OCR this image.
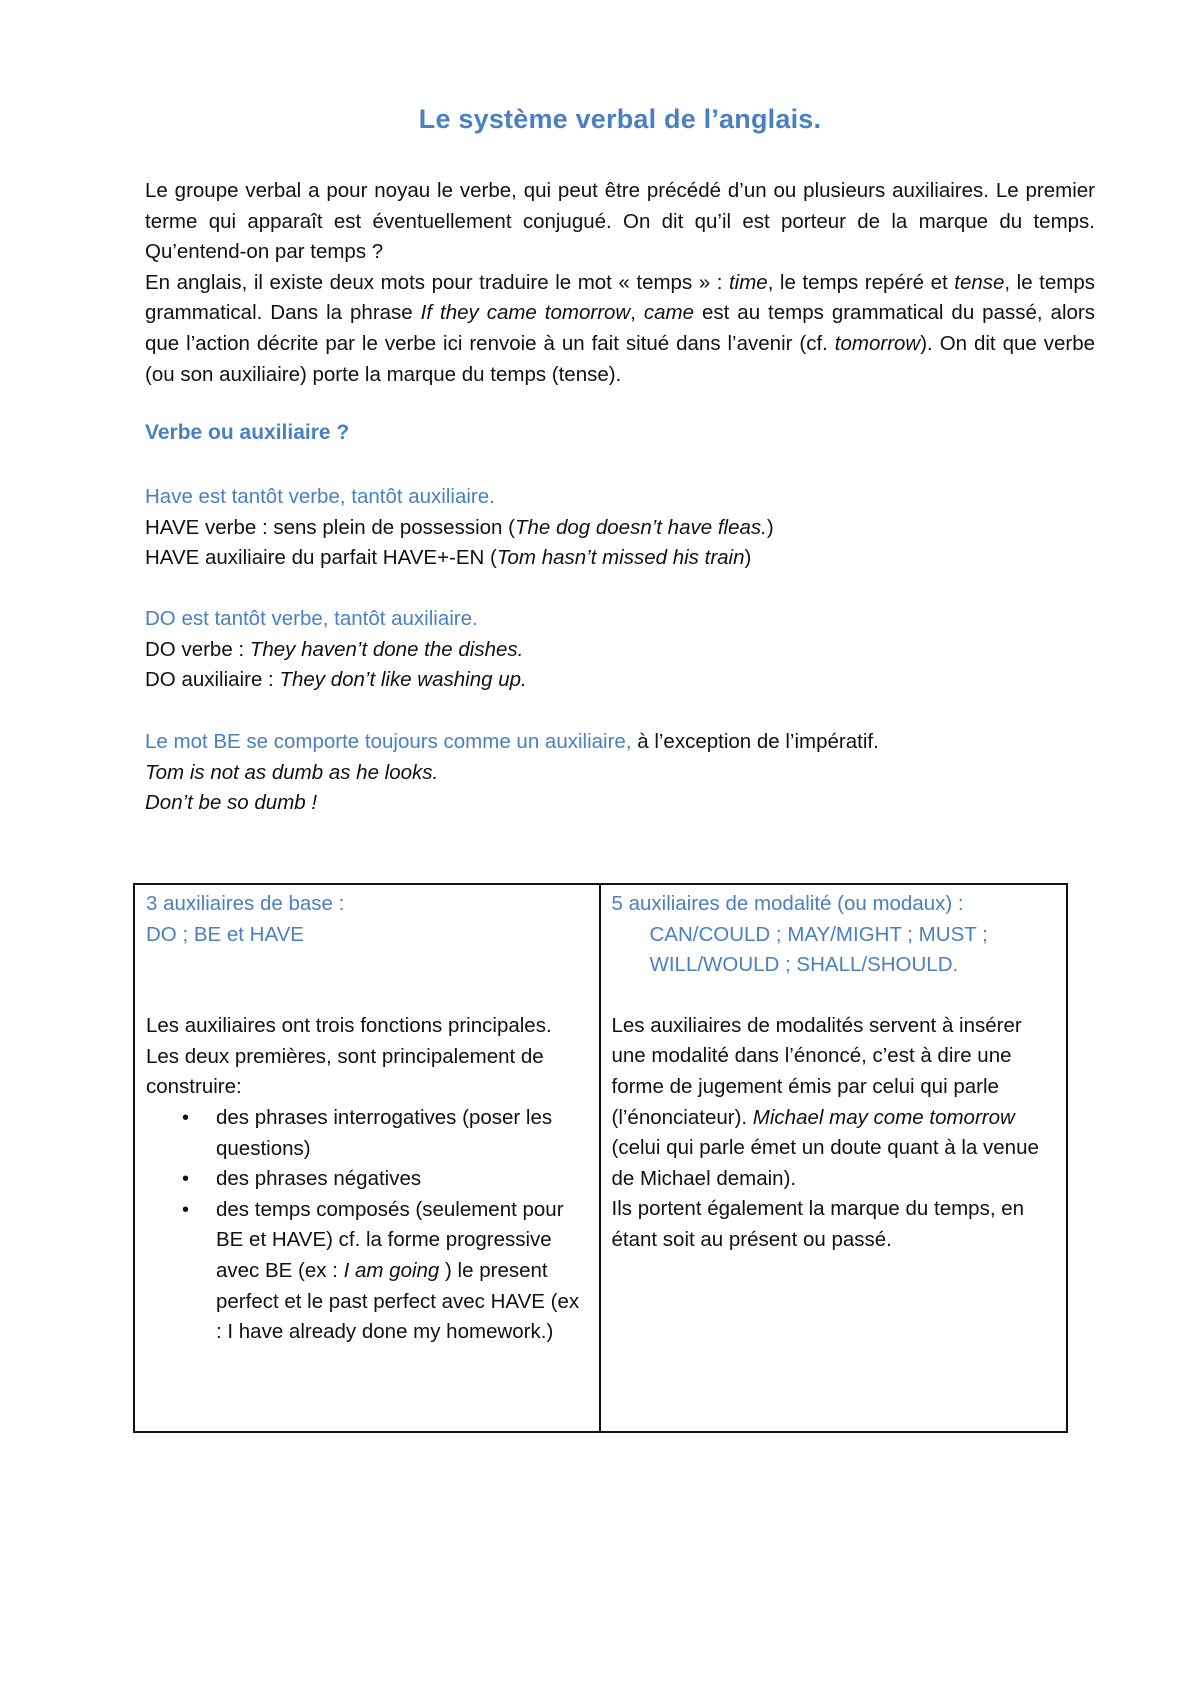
Le système verbal de l’anglais.

Le groupe verbal a pour noyau le verbe, qui peut être précédé d’un ou plusieurs auxiliaires. Le premier terme qui apparaît est éventuellement conjugué. On dit qu’il est porteur de la marque du temps. Qu’entend-on par temps ?

En anglais, il existe deux mots pour traduire le mot « temps » : time, le temps repéré et tense, le temps grammatical. Dans la phrase If they came tomorrow, came est au temps grammatical du passé, alors que l’action décrite par le verbe ici renvoie à un fait situé dans l’avenir (cf. tomorrow). On dit que verbe (ou son auxiliaire) porte la marque du temps (tense).

Verbe ou auxiliaire ?
Have est tantôt verbe, tantôt auxiliaire.
HAVE verbe : sens plein de possession (The dog doesn’t have fleas.)
HAVE auxiliaire du parfait HAVE+-EN (Tom hasn’t missed his train)
DO est tantôt verbe, tantôt auxiliaire.
DO verbe : They haven’t done the dishes.
DO auxiliaire : They don’t like washing up.
Le mot BE se comporte toujours comme un auxiliaire, à l’exception de l’impératif.
Tom is not as dumb as he looks.
Don’t be so dumb !
3 auxiliaires de base :
DO ; BE et HAVE
Les auxiliaires ont trois fonctions principales. Les deux premières, sont principalement de construire:
• des phrases interrogatives (poser les questions)
• des phrases négatives
• des temps composés (seulement pour BE et HAVE) cf. la forme progressive avec BE (ex : I am going ) le present perfect et le past perfect avec HAVE (ex : I have already done my homework.)
5 auxiliaires de modalité (ou modaux) :
CAN/COULD ; MAY/MIGHT ; MUST ;
WILL/WOULD ; SHALL/SHOULD.
Les auxiliaires de modalités servent à insérer une modalité dans l’énoncé, c’est à dire une forme de jugement émis par celui qui parle (l’énonciateur). Michael may come tomorrow (celui qui parle émet un doute quant à la venue de Michael demain).
Ils portent également la marque du temps, en étant soit au présent ou passé.
